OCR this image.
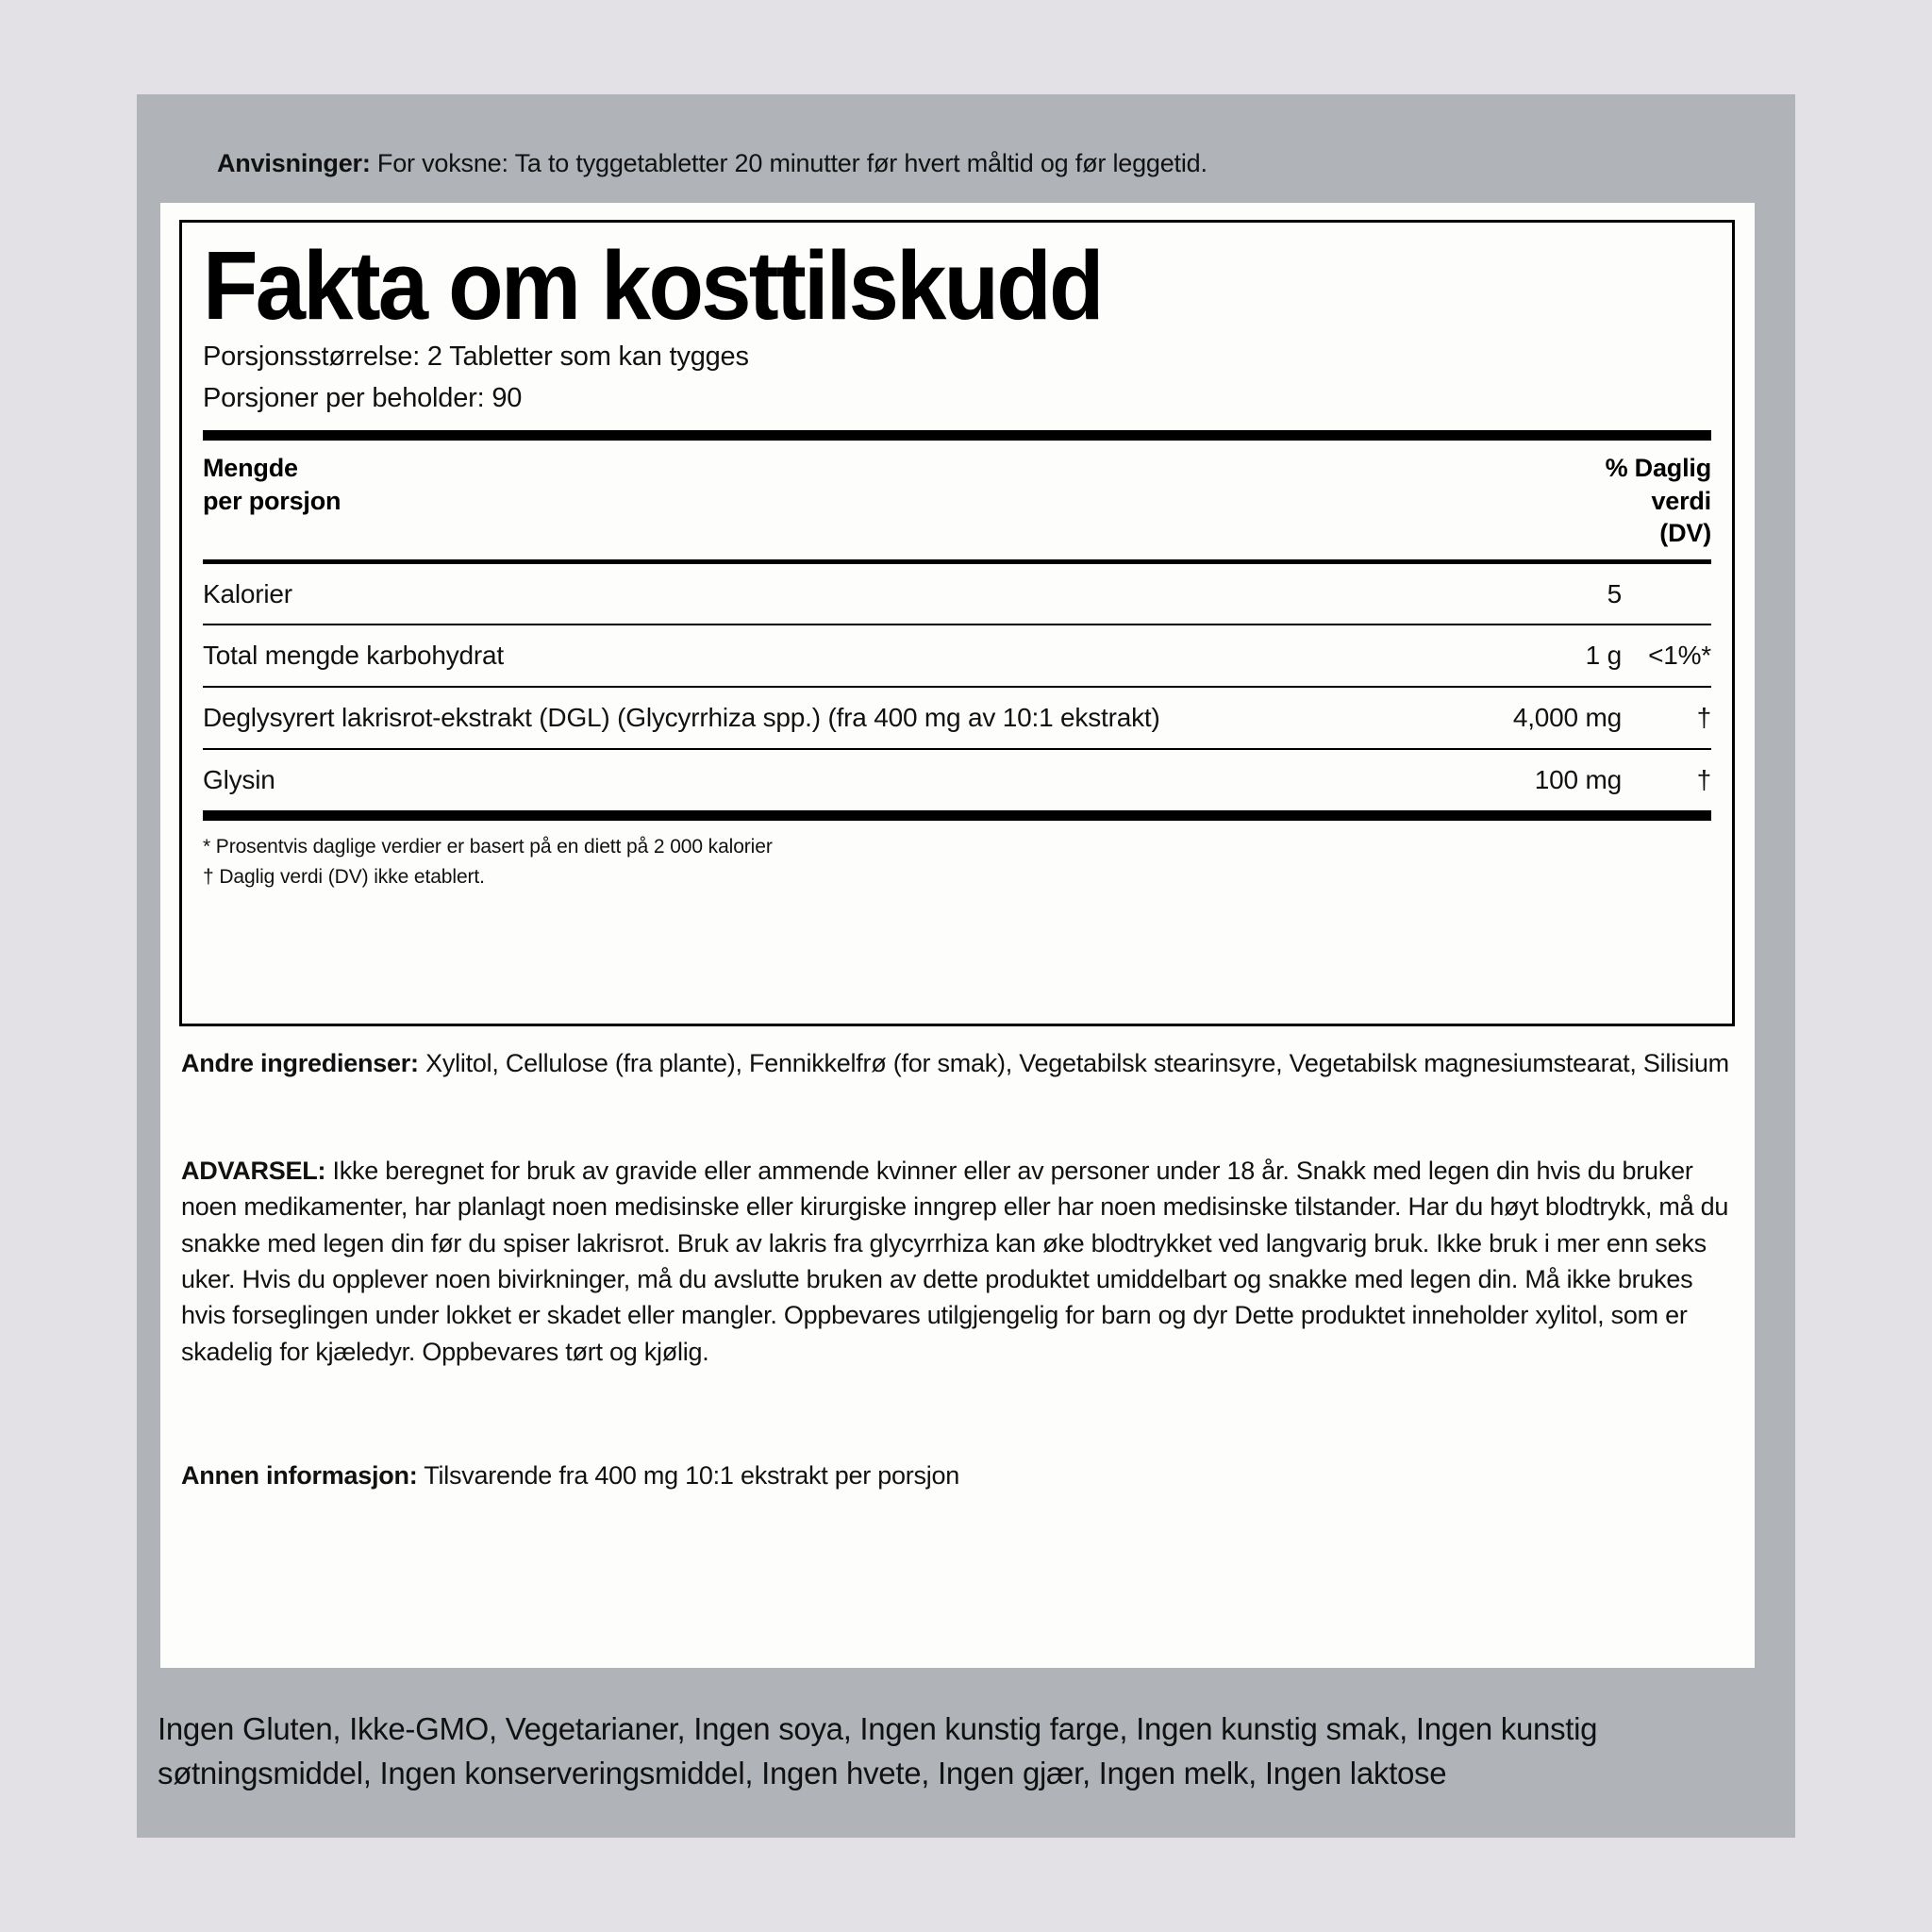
Anvisninger: For voksne: Ta to tyggetabletter 20 minutter før hvert måltid og før leggetid.
Fakta om kosttilskudd
Porsjonsstørrelse: 2 Tabletter som kan tygges
Porsjoner per beholder: 90
Mengde
per porsjon
% Daglig
verdi
(DV)
Kalorier	5
Total mengde karbohydrat	1 g	<1%*
Deglysyrert lakrisrot-ekstrakt (DGL) (Glycyrrhiza spp.) (fra 400 mg av 10:1 ekstrakt)	4,000 mg	†
Glysin	100 mg	†
* Prosentvis daglige verdier er basert på en diett på 2 000 kalorier
† Daglig verdi (DV) ikke etablert.
Andre ingredienser: Xylitol, Cellulose (fra plante), Fennikkelfrø (for smak), Vegetabilsk stearinsyre, Vegetabilsk magnesiumstearat, Silisium
ADVARSEL: Ikke beregnet for bruk av gravide eller ammende kvinner eller av personer under 18 år. Snakk med legen din hvis du bruker noen medikamenter, har planlagt noen medisinske eller kirurgiske inngrep eller har noen medisinske tilstander. Har du høyt blodtrykk, må du snakke med legen din før du spiser lakrisrot. Bruk av lakris fra glycyrrhiza kan øke blodtrykket ved langvarig bruk. Ikke bruk i mer enn seks uker. Hvis du opplever noen bivirkninger, må du avslutte bruken av dette produktet umiddelbart og snakke med legen din. Må ikke brukes hvis forseglingen under lokket er skadet eller mangler. Oppbevares utilgjengelig for barn og dyr Dette produktet inneholder xylitol, som er skadelig for kjæledyr. Oppbevares tørt og kjølig.
Annen informasjon: Tilsvarende fra 400 mg 10:1 ekstrakt per porsjon
Ingen Gluten, Ikke-GMO, Vegetarianer, Ingen soya, Ingen kunstig farge, Ingen kunstig smak, Ingen kunstig søtningsmiddel, Ingen konserveringsmiddel, Ingen hvete, Ingen gjær, Ingen melk, Ingen laktose
